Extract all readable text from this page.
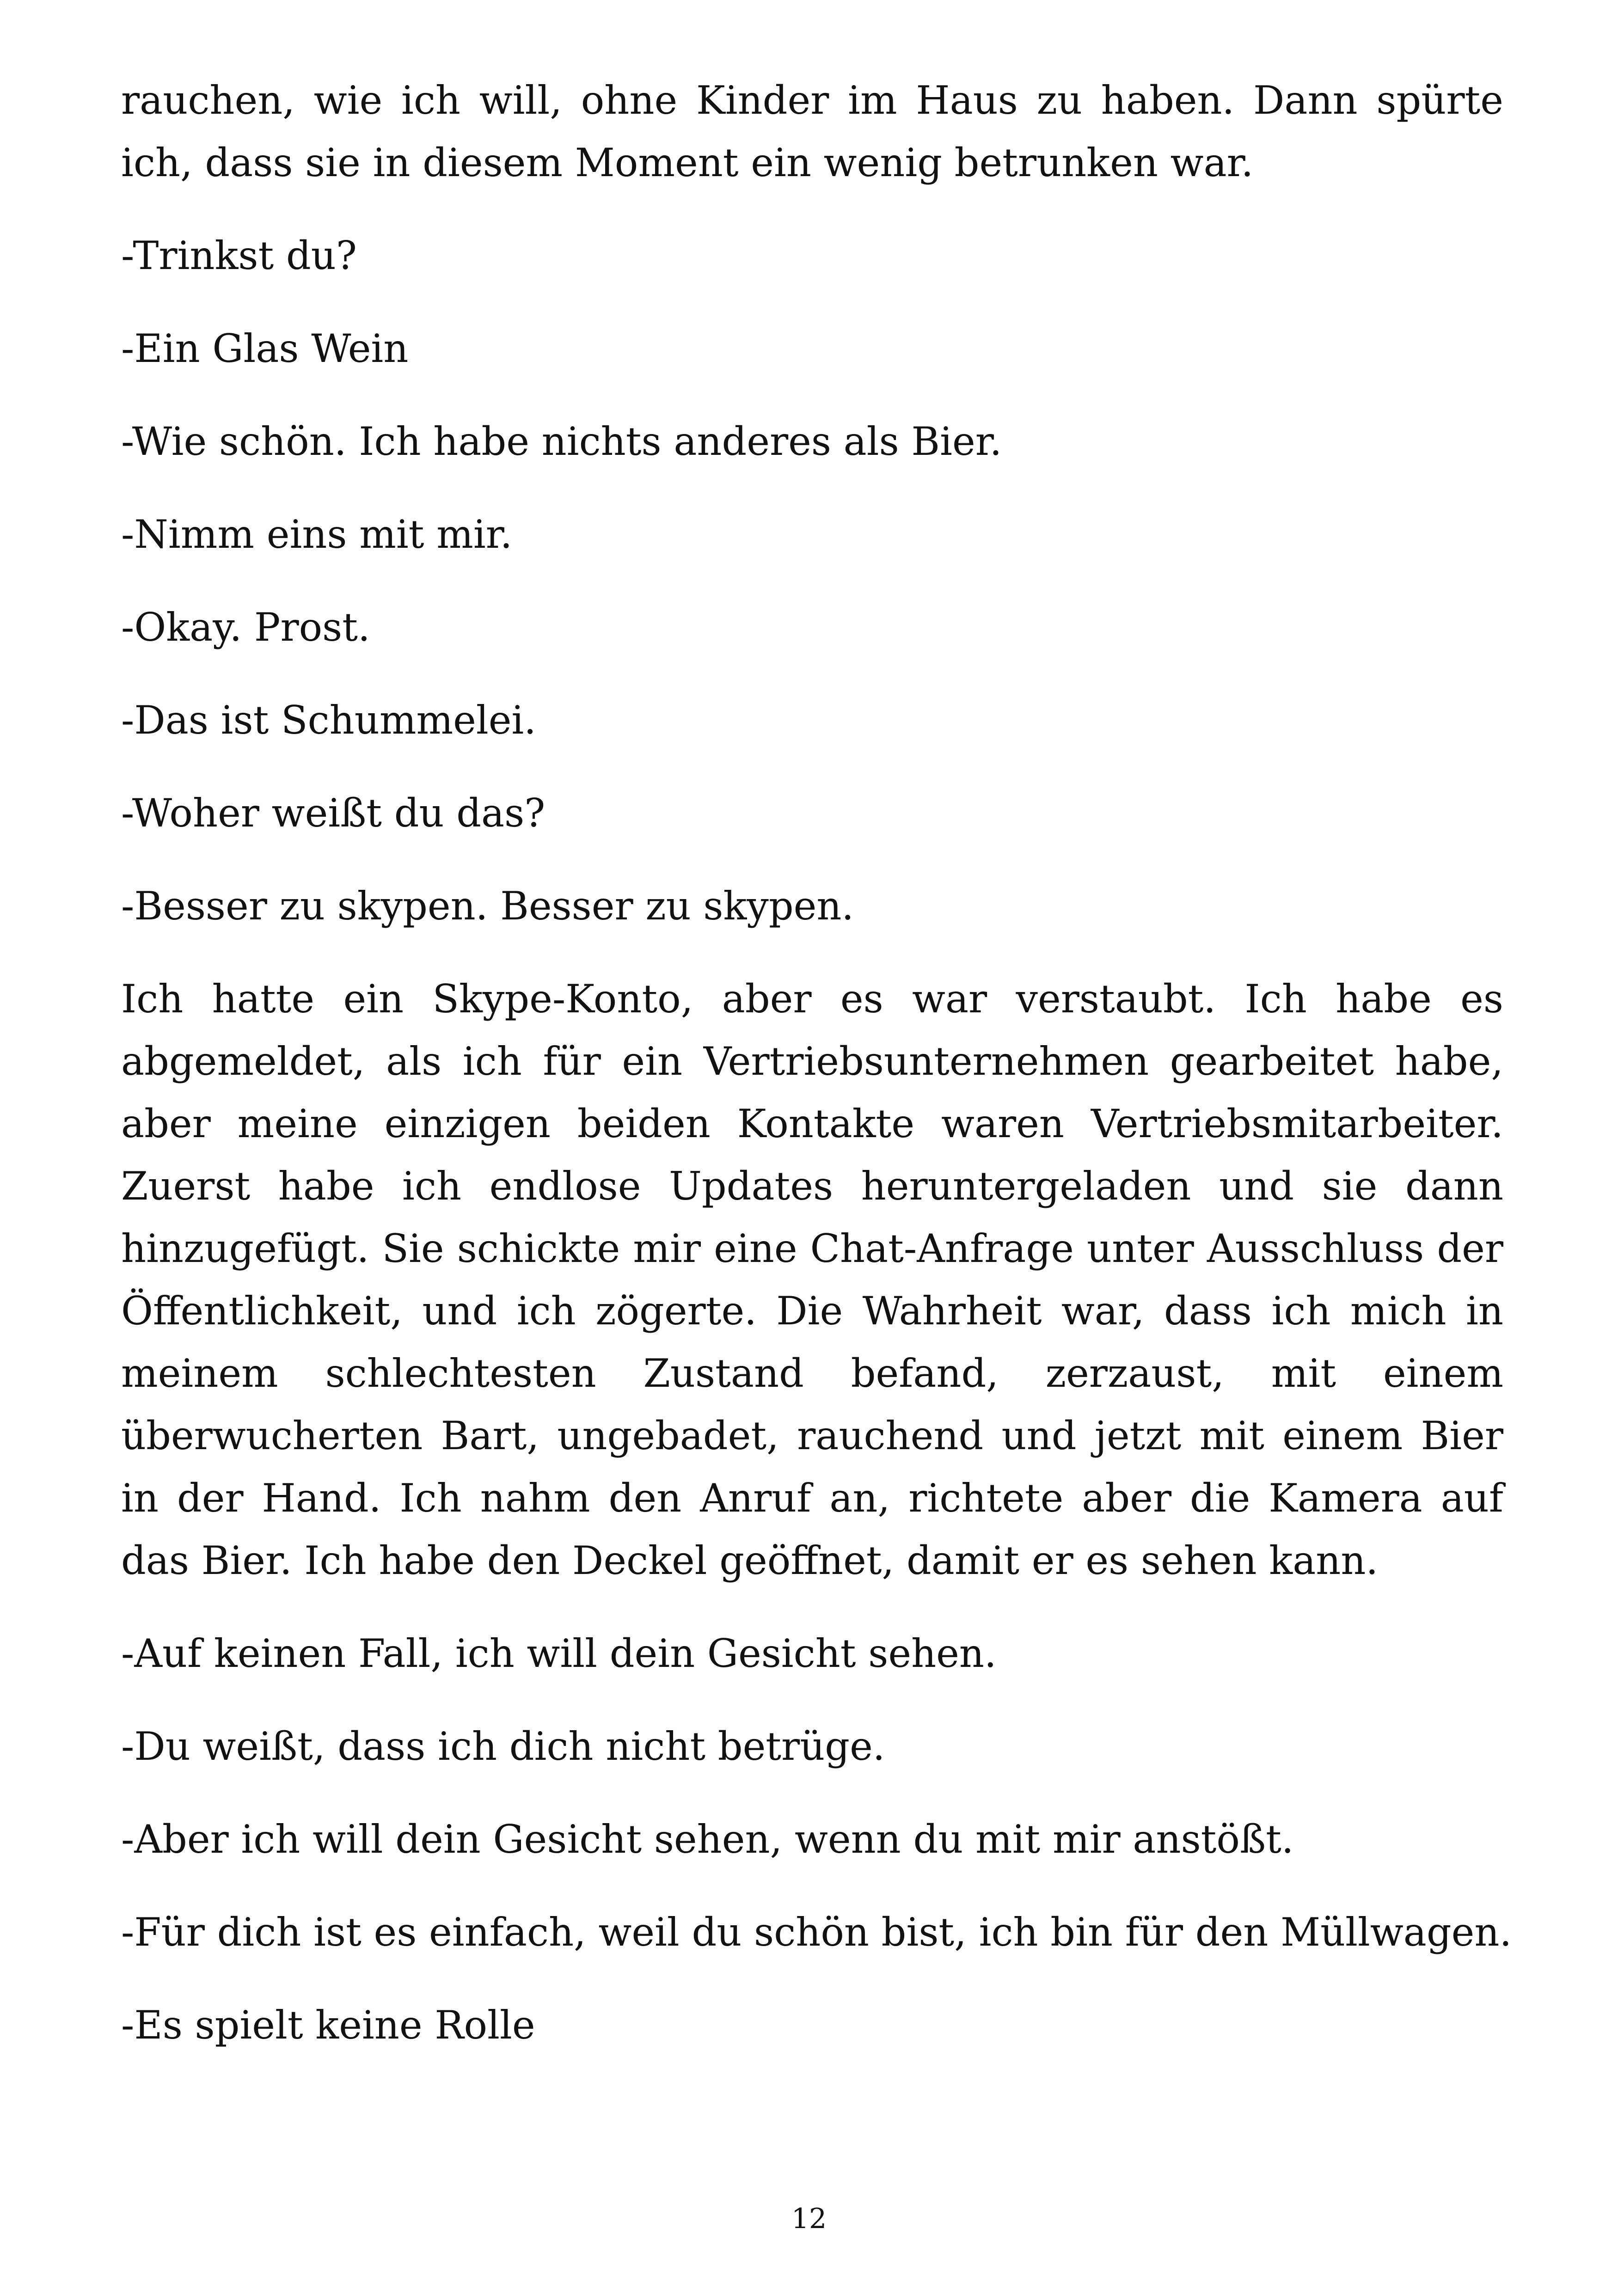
rauchen, wie ich will, ohne Kinder im Haus zu haben. Dann spürte ich, dass sie in diesem Moment ein wenig betrunken war.

-Trinkst du?

-Ein Glas Wein

-Wie schön. Ich habe nichts anderes als Bier.

-Nimm eins mit mir.

-Okay. Prost.

-Das ist Schummelei.

-Woher weißt du das?

-Besser zu skypen. Besser zu skypen.

Ich hatte ein Skype-Konto, aber es war verstaubt. Ich habe es abgemeldet, als ich für ein Vertriebsunternehmen gearbeitet habe, aber meine einzigen beiden Kontakte waren Vertriebsmitarbeiter. Zuerst habe ich endlose Updates heruntergeladen und sie dann hinzugefügt. Sie schickte mir eine Chat-Anfrage unter Ausschluss der Öffentlichkeit, und ich zögerte. Die Wahrheit war, dass ich mich in meinem schlechtesten Zustand befand, zerzaust, mit einem überwucherten Bart, ungebadet, rauchend und jetzt mit einem Bier in der Hand. Ich nahm den Anruf an, richtete aber die Kamera auf das Bier. Ich habe den Deckel geöffnet, damit er es sehen kann.

-Auf keinen Fall, ich will dein Gesicht sehen.

-Du weißt, dass ich dich nicht betrüge.

-Aber ich will dein Gesicht sehen, wenn du mit mir anstößt.

-Für dich ist es einfach, weil du schön bist, ich bin für den Müllwagen.

-Es spielt keine Rolle

12
